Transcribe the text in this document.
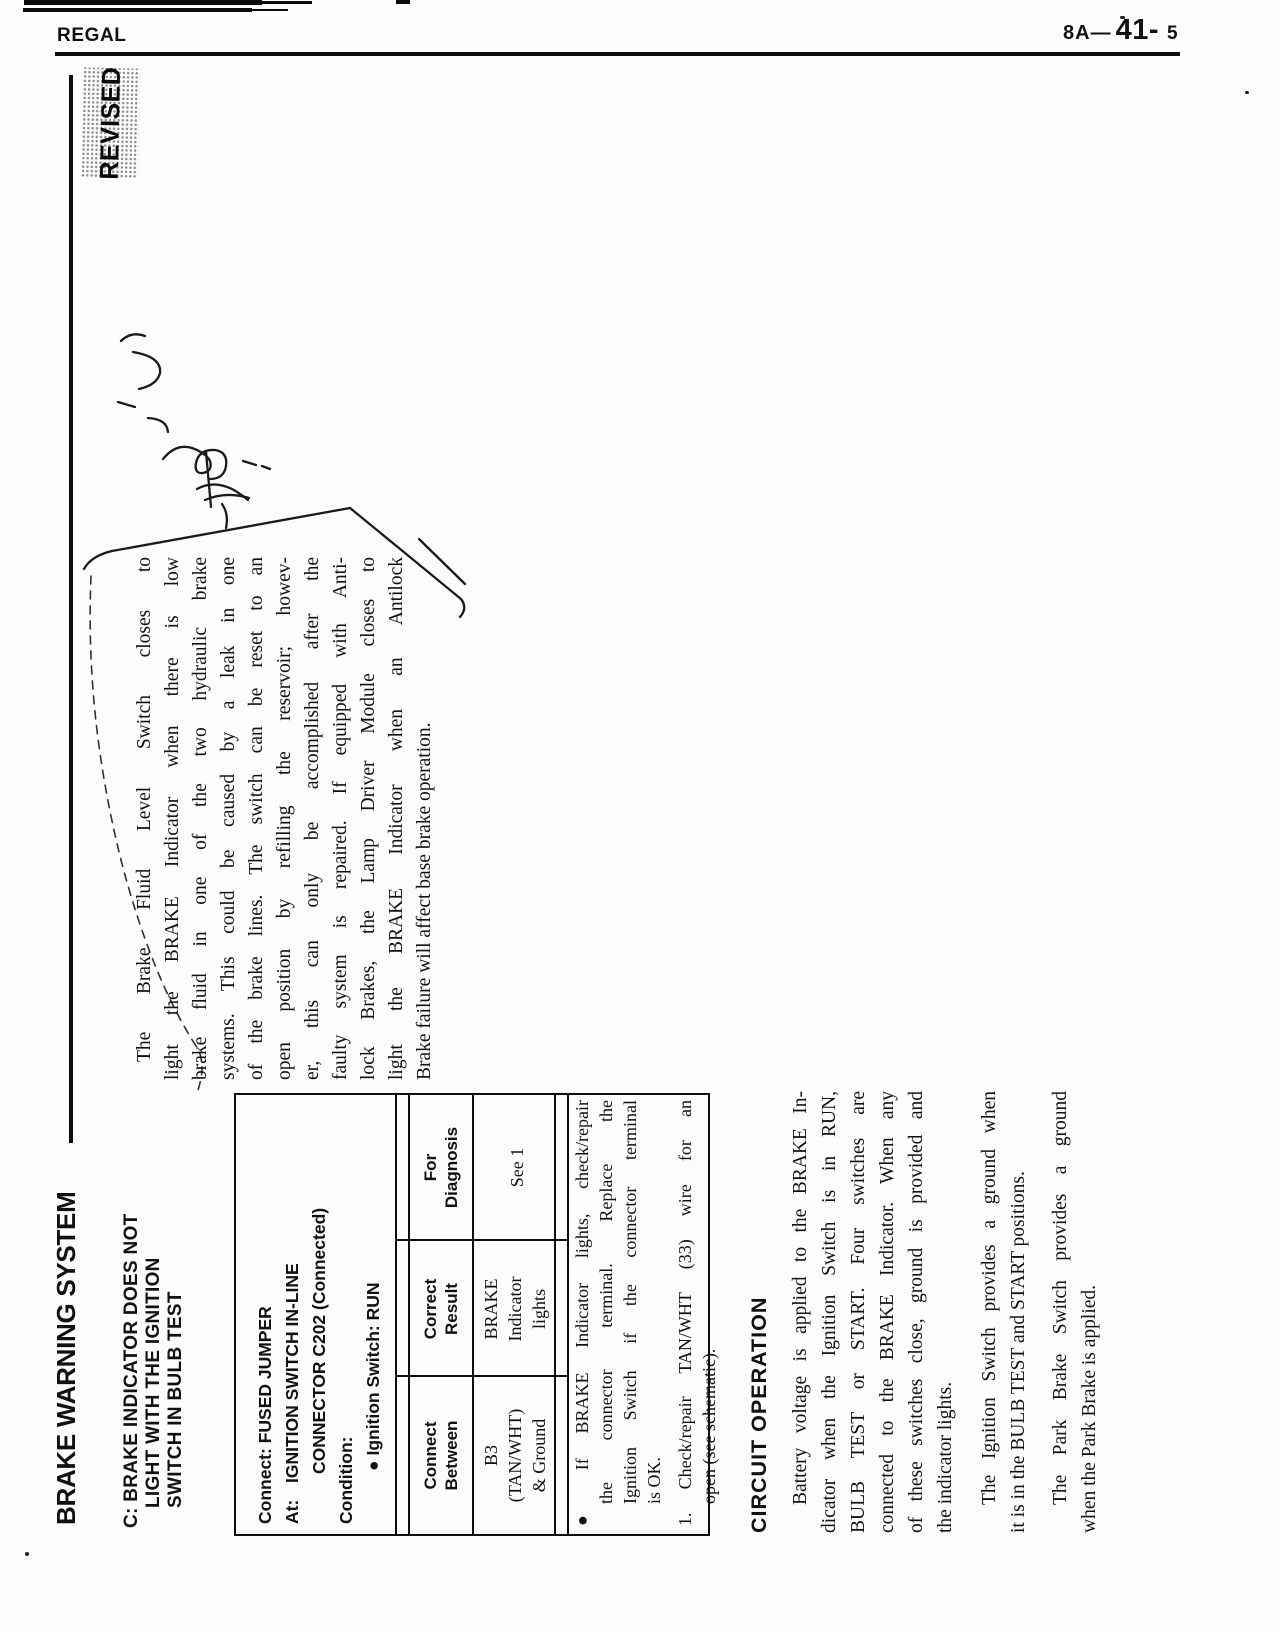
REGAL	8A— 41- 5
BRAKE WARNING SYSTEM
REVISED
C: BRAKE INDICATOR DOES NOT LIGHT WITH THE IGNITION SWITCH IN BULB TEST	Connect: FUSED JUMPER At:IGNITION SWITCH IN-LINE CONNECTOR C202 (Connected)
Condition: ● Ignition Switch: RUN Connect Between
Correct Result
For Diagnosis
B3 (TAN/WHT) & Ground
BRAKE Indicator lights
See 1
● If BRAKE Indicator lights, check/repair the connector terminal. Replace the Ignition Switch if the connector terminal is OK.
1. Check/repair TAN/WHT (33) wire for an open (see schematic).
The Brake Fluid Level Switch closes to light the BRAKE Indicator when there is low brake fluid in one of the two hydraulic brake systems. This could be caused by a leak in one of the brake lines. The switch can be reset to an open position by refilling the reservoir; howev- er, this can only be accomplished after the faulty system is repaired. If equipped with Anti- lock Brakes, the Lamp Driver Module closes to light the BRAKE Indicator when an Antilock Brake failure will affect base brake operation.
CIRCUIT OPERATION Battery voltage is applied to the BRAKE In- dicator when the Ignition Switch is in RUN, BULB TEST or START. Four switches are connected to the BRAKE Indicator. When any of these switches close, ground is provided and the indicator lights. The Ignition Switch provides a ground when it is in the BULB TEST and START positions. The Park Brake Switch provides a ground when the Park Brake is applied.
